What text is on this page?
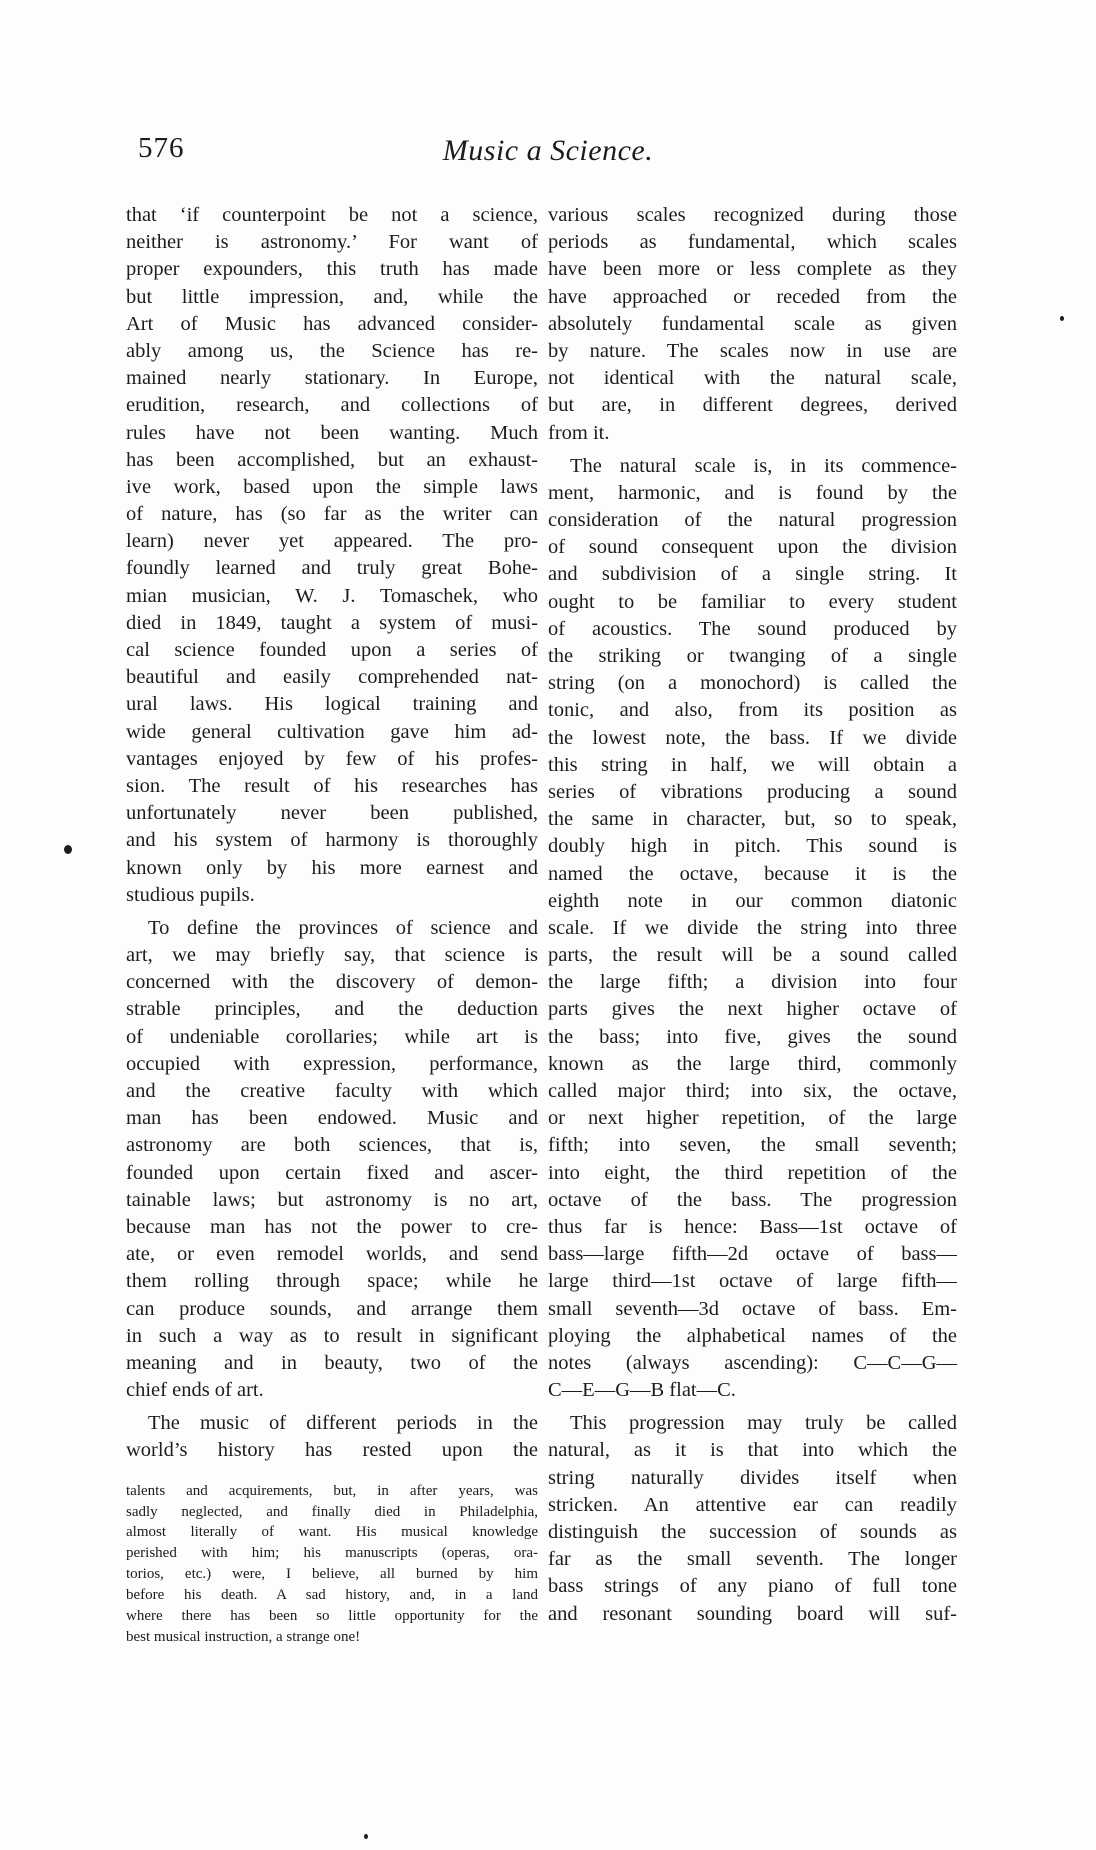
576	Music a Science.
that ‘if counterpoint be not a science,
neither is astronomy.’ For want of
proper expounders, this truth has made
but little impression, and, while the
Art of Music has advanced consider-
ably among us, the Science has re-
mained nearly stationary. In Europe,
erudition, research, and collections of
rules have not been wanting. Much
has been accomplished, but an exhaust-
ive work, based upon the simple laws
of nature, has (so far as the writer can
learn) never yet appeared. The pro-
foundly learned and truly great Bohe-
mian musician, W. J. Tomaschek, who
died in 1849, taught a system of musi-
cal science founded upon a series of
beautiful and easily comprehended nat-
ural laws. His logical training and
wide general cultivation gave him ad-
vantages enjoyed by few of his profes-
sion. The result of his researches has
unfortunately never been published,
and his system of harmony is thoroughly
known only by his more earnest and
studious pupils.
To define the provinces of science and
art, we may briefly say, that science is
concerned with the discovery of demon-
strable principles, and the deduction
of undeniable corollaries; while art is
occupied with expression, performance,
and the creative faculty with which
man has been endowed. Music and
astronomy are both sciences, that is,
founded upon certain fixed and ascer-
tainable laws; but astronomy is no art,
because man has not the power to cre-
ate, or even remodel worlds, and send
them rolling through space; while he
can produce sounds, and arrange them
in such a way as to result in significant
meaning and in beauty, two of the
chief ends of art.
The music of different periods in the
world’s history has rested upon the
talents and acquirements, but, in after years, was
sadly neglected, and finally died in Philadelphia,
almost literally of want. His musical knowledge
perished with him; his manuscripts (operas, ora-
torios, etc.) were, I believe, all burned by him
before his death. A sad history, and, in a land
where there has been so little opportunity for the
best musical instruction, a strange one!
various scales recognized during those
periods as fundamental, which scales
have been more or less complete as they
have approached or receded from the
absolutely fundamental scale as given
by nature. The scales now in use are
not identical with the natural scale,
but are, in different degrees, derived
from it.
The natural scale is, in its commence-
ment, harmonic, and is found by the
consideration of the natural progression
of sound consequent upon the division
and subdivision of a single string. It
ought to be familiar to every student
of acoustics. The sound produced by
the striking or twanging of a single
string (on a monochord) is called the
tonic, and also, from its position as
the lowest note, the bass. If we divide
this string in half, we will obtain a
series of vibrations producing a sound
the same in character, but, so to speak,
doubly high in pitch. This sound is
named the octave, because it is the
eighth note in our common diatonic
scale. If we divide the string into three
parts, the result will be a sound called
the large fifth; a division into four
parts gives the next higher octave of
the bass; into five, gives the sound
known as the large third, commonly
called major third; into six, the octave,
or next higher repetition, of the large
fifth; into seven, the small seventh;
into eight, the third repetition of the
octave of the bass. The progression
thus far is hence: Bass—1st octave of
bass—large fifth—2d octave of bass—
large third—1st octave of large fifth—
small seventh—3d octave of bass. Em-
ploying the alphabetical names of the
notes (always ascending): C—C—G—
C—E—G—B flat—C.
This progression may truly be called
natural, as it is that into which the
string naturally divides itself when
stricken. An attentive ear can readily
distinguish the succession of sounds as
far as the small seventh. The longer
bass strings of any piano of full tone
and resonant sounding board will suf-
